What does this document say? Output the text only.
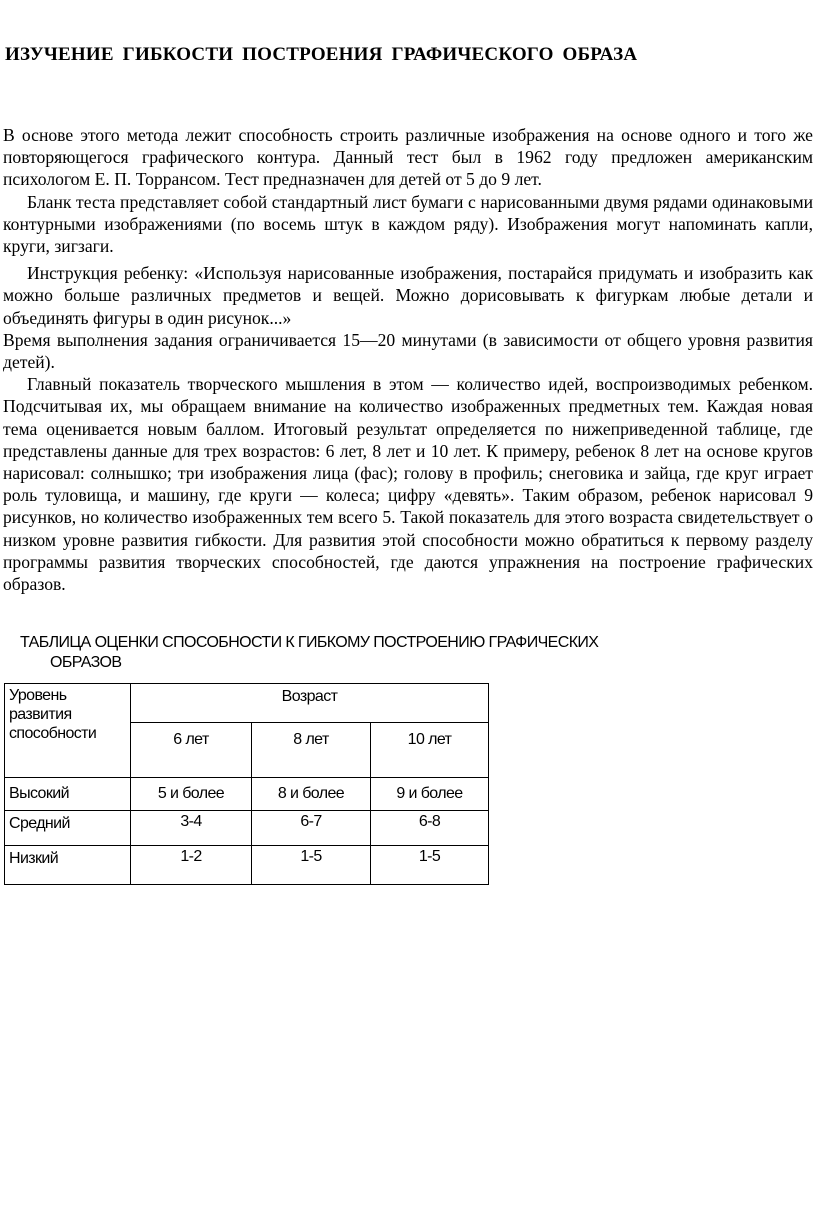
ИЗУЧЕНИЕ ГИБКОСТИ ПОСТРОЕНИЯ ГРАФИЧЕСКОГО ОБРАЗА

В основе этого метода лежит способность строить различные изображения на основе одного и того же повторяющегося графического контура. Данный тест был в 1962 году предложен американским психологом Е. П. Торрансом. Тест предназначен для детей от 5 до 9 лет.

Бланк теста представляет собой стандартный лист бумаги с нарисованными двумя рядами одинаковыми контурными изображениями (по восемь штук в каждом ряду). Изображения могут напоминать капли, круги, зигзаги.

Инструкция ребенку: «Используя нарисованные изображения, постарайся придумать и изобразить как можно больше различных предметов и вещей. Можно дорисовывать к фигуркам любые детали и объединять фигуры в один рисунок...»

Время выполнения задания ограничивается 15—20 минутами (в зависимости от общего уровня развития детей).

Главный показатель творческого мышления в этом — количество идей, воспроизводимых ребенком. Подсчитывая их, мы обращаем внимание на количество изображенных предметных тем. Каждая новая тема оценивается новым баллом. Итоговый результат определяется по нижеприведенной таблице, где представлены данные для трех возрастов: 6 лет, 8 лет и 10 лет. К примеру, ребенок 8 лет на основе кругов нарисовал: солнышко; три изображения лица (фас); голову в профиль; снеговика и зайца, где круг играет роль туловища, и машину, где круги — колеса; цифру «девять». Таким образом, ребенок нарисовал 9 рисунков, но количество изображенных тем всего 5. Такой показатель для этого возраста свидетельствует о низком уровне развития гибкости. Для развития этой способности можно обратиться к первому разделу программы развития творческих способностей, где даются упражнения на построение графических образов.

ТАБЛИЦА ОЦЕНКИ СПОСОБНОСТИ К ГИБКОМУ ПОСТРОЕНИЮ ГРАФИЧЕСКИХ
ОБРАЗОВ
Уровень развития способности	Возраст		
	6 лет	8 лет	10 лет
Высокий	5 и более	8 и более	9 и более
Средний	3-4	6-7	6-8
Низкий	1-2	1-5	1-5
